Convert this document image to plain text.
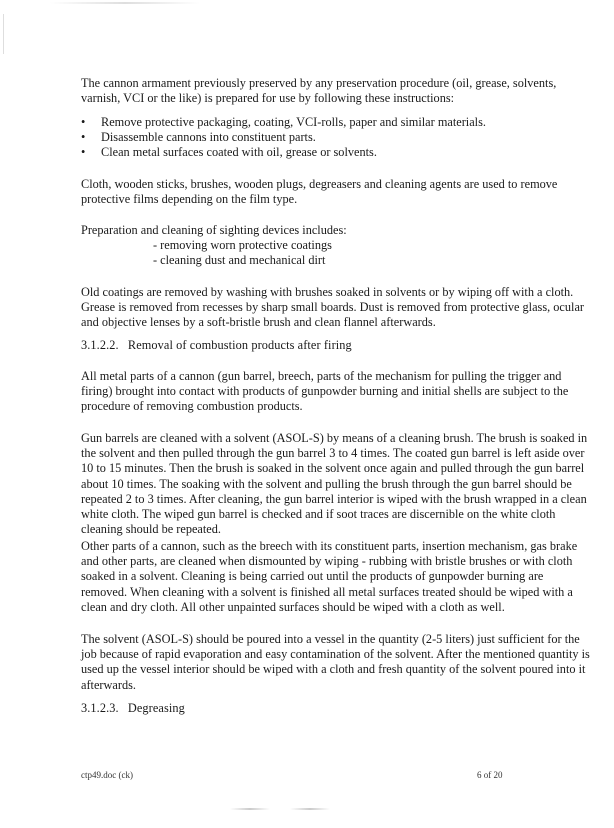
The cannon armament previously preserved by any preservation procedure (oil, grease, solvents, varnish, VCI or the like) is prepared for use by following these instructions:

• Remove protective packaging, coating, VCI-rolls, paper and similar materials.
• Disassemble cannons into constituent parts.
• Clean metal surfaces coated with oil, grease or solvents.

Cloth, wooden sticks, brushes, wooden plugs, degreasers and cleaning agents are used to remove protective films depending on the film type.

Preparation and cleaning of sighting devices includes:

- removing worn protective coatings

- cleaning dust and mechanical dirt

Old coatings are removed by washing with brushes soaked in solvents or by wiping off with a cloth. Grease is removed from recesses by sharp small boards. Dust is removed from protective glass, ocular and objective lenses by a soft-bristle brush and clean flannel afterwards.

3.1.2.2. Removal of combustion products after firing

All metal parts of a cannon (gun barrel, breech, parts of the mechanism for pulling the trigger and firing) brought into contact with products of gunpowder burning and initial shells are subject to the procedure of removing combustion products.

Gun barrels are cleaned with a solvent (ASOL-S) by means of a cleaning brush. The brush is soaked in the solvent and then pulled through the gun barrel 3 to 4 times. The coated gun barrel is left aside over 10 to 15 minutes. Then the brush is soaked in the solvent once again and pulled through the gun barrel about 10 times. The soaking with the solvent and pulling the brush through the gun barrel should be repeated 2 to 3 times. After cleaning, the gun barrel interior is wiped with the brush wrapped in a clean white cloth. The wiped gun barrel is checked and if soot traces are discernible on the white cloth cleaning should be repeated.

Other parts of a cannon, such as the breech with its constituent parts, insertion mechanism, gas brake and other parts, are cleaned when dismounted by wiping - rubbing with bristle brushes or with cloth soaked in a solvent. Cleaning is being carried out until the products of gunpowder burning are removed. When cleaning with a solvent is finished all metal surfaces treated should be wiped with a clean and dry cloth. All other unpainted surfaces should be wiped with a cloth as well.

The solvent (ASOL-S) should be poured into a vessel in the quantity (2-5 liters) just sufficient for the job because of rapid evaporation and easy contamination of the solvent. After the mentioned quantity is used up the vessel interior should be wiped with a cloth and fresh quantity of the solvent poured into it afterwards.

3.1.2.3. Degreasing

ctp49.doc (ck)	6 of 20
